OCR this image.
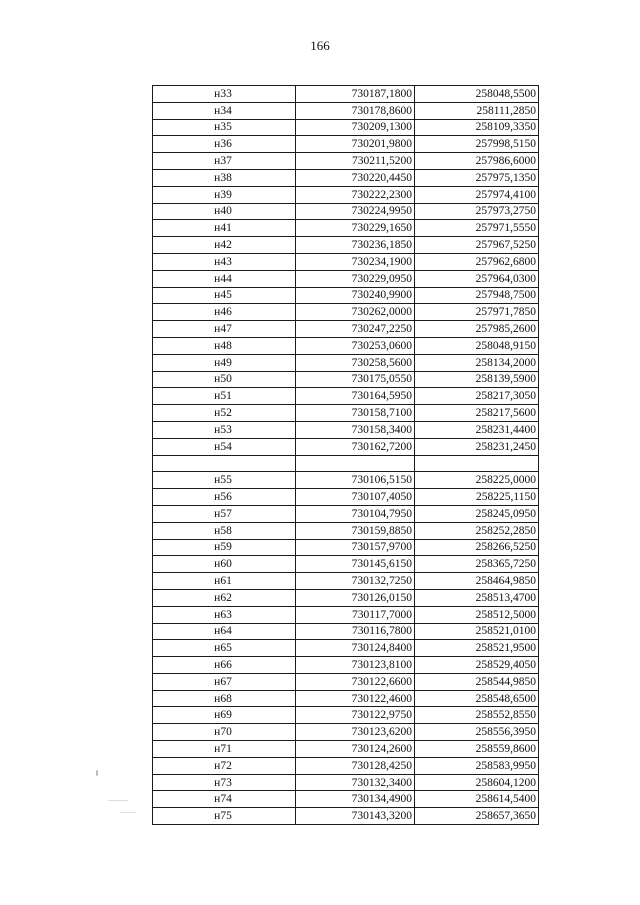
166
н33	730187,1800	258048,5500
н34	730178,8600	258111,2850
н35	730209,1300	258109,3350
н36	730201,9800	257998,5150
н37	730211,5200	257986,6000
н38	730220,4450	257975,1350
н39	730222,2300	257974,4100
н40	730224,9950	257973,2750
н41	730229,1650	257971,5550
н42	730236,1850	257967,5250
н43	730234,1900	257962,6800
н44	730229,0950	257964,0300
н45	730240,9900	257948,7500
н46	730262,0000	257971,7850
н47	730247,2250	257985,2600
н48	730253,0600	258048,9150
н49	730258,5600	258134,2000
н50	730175,0550	258139,5900
н51	730164,5950	258217,3050
н52	730158,7100	258217,5600
н53	730158,3400	258231,4400
н54	730162,7200	258231,2450

н55	730106,5150	258225,0000
н56	730107,4050	258225,1150
н57	730104,7950	258245,0950
н58	730159,8850	258252,2850
н59	730157,9700	258266,5250
н60	730145,6150	258365,7250
н61	730132,7250	258464,9850
н62	730126,0150	258513,4700
н63	730117,7000	258512,5000
н64	730116,7800	258521,0100
н65	730124,8400	258521,9500
н66	730123,8100	258529,4050
н67	730122,6600	258544,9850
н68	730122,4600	258548,6500
н69	730122,9750	258552,8550
н70	730123,6200	258556,3950
н71	730124,2600	258559,8600
н72	730128,4250	258583,9950
н73	730132,3400	258604,1200
н74	730134,4900	258614,5400
н75	730143,3200	258657,3650
